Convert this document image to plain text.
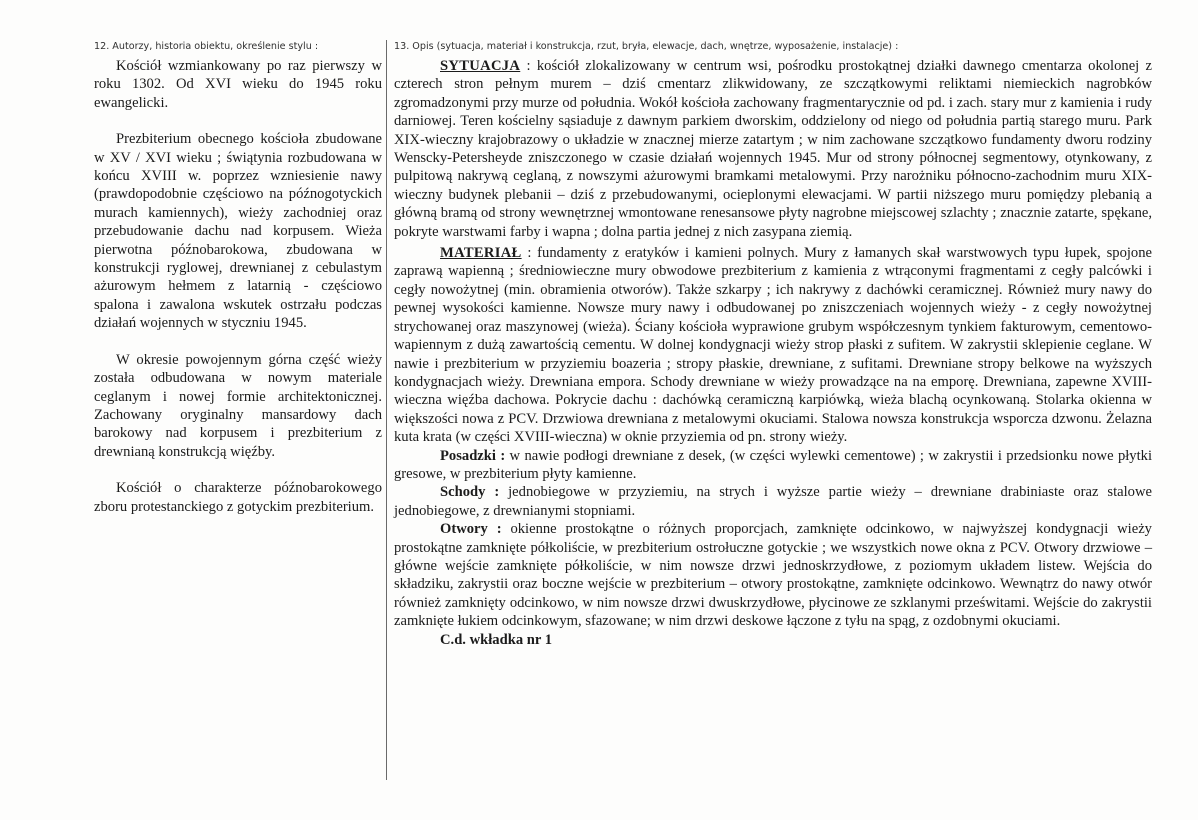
12. Autorzy, historia obiektu, określenie stylu :	13. Opis (sytuacja, materiał i konstrukcja, rzut, bryła, elewacje, dach, wnętrze, wyposażenie, instalacje) :

Kościół wzmiankowany po raz pierwszy w roku 1302. Od XVI wieku do 1945 roku ewangelicki.

Prezbiterium obecnego kościoła zbudowane w XV / XVI wieku ; świątynia rozbudowana w końcu XVIII w. poprzez wzniesienie nawy (prawdopodobnie częściowo na późnogotyckich murach kamiennych), wieży zachodniej oraz przebudowanie dachu nad korpusem. Wieża pierwotna późnobarokowa, zbudowana w konstrukcji ryglowej, drewnianej z cebulastym ażurowym hełmem z latarnią - częściowo spalona i zawalona wskutek ostrzału podczas działań wojennych w styczniu 1945.

W okresie powojennym górna część wieży została odbudowana w nowym materiale ceglanym i nowej formie architektonicznej. Zachowany oryginalny mansardowy dach barokowy nad korpusem i prezbiterium z drewnianą konstrukcją więźby.

Kościół o charakterze późnobarokowego zboru protestanckiego z gotyckim prezbiterium.

SYTUACJA : kościół zlokalizowany w centrum wsi, pośrodku prostokątnej działki dawnego cmentarza okolonej z czterech stron pełnym murem – dziś cmentarz zlikwidowany, ze szczątkowymi reliktami niemieckich nagrobków zgromadzonymi przy murze od południa. Wokół kościoła zachowany fragmentarycznie od pd. i zach. stary mur z kamienia i rudy darniowej. Teren kościelny sąsiaduje z dawnym parkiem dworskim, oddzielony od niego od południa partią starego muru. Park XIX-wieczny krajobrazowy o układzie w znacznej mierze zatartym ; w nim zachowane szczątkowo fundamenty dworu rodziny Wenscky-Petersheyde zniszczonego w czasie działań wojennych 1945. Mur od strony północnej segmentowy, otynkowany, z pulpitową nakrywą ceglaną, z nowszymi ażurowymi bramkami metalowymi. Przy narożniku północno-zachodnim muru XIX-wieczny budynek plebanii – dziś z przebudowanymi, ocieplonymi elewacjami. W partii niższego muru pomiędzy plebanią a główną bramą od strony wewnętrznej wmontowane renesansowe płyty nagrobne miejscowej szlachty ; znacznie zatarte, spękane, pokryte warstwami farby i wapna ; dolna partia jednej z nich zasypana ziemią.

MATERIAŁ : fundamenty z eratyków i kamieni polnych. Mury z łamanych skał warstwowych typu łupek, spojone zaprawą wapienną ; średniowieczne mury obwodowe prezbiterium z kamienia z wtrąconymi fragmentami z cegły palcówki i cegły nowożytnej (min. obramienia otworów). Także szkarpy ; ich nakrywy z dachówki ceramicznej. Również mury nawy do pewnej wysokości kamienne. Nowsze mury nawy i odbudowanej po zniszczeniach wojennych wieży - z cegły nowożytnej strychowanej oraz maszynowej (wieża). Ściany kościoła wyprawione grubym współczesnym tynkiem fakturowym, cementowo-wapiennym z dużą zawartością cementu. W dolnej kondygnacji wieży strop płaski z sufitem. W zakrystii sklepienie ceglane. W nawie i prezbiterium w przyziemiu boazeria ; stropy płaskie, drewniane, z sufitami. Drewniane stropy belkowe na wyższych kondygnacjach wieży. Drewniana empora. Schody drewniane w wieży prowadzące na na emporę. Drewniana, zapewne XVIII-wieczna więźba dachowa. Pokrycie dachu : dachówką ceramiczną karpiówką, wieża blachą ocynkowaną. Stolarka okienna w większości nowa z PCV. Drzwiowa drewniana z metalowymi okuciami. Stalowa nowsza konstrukcja wsporcza dzwonu. Żelazna kuta krata (w części XVIII-wieczna) w oknie przyziemia od pn. strony wieży.

Posadzki : w nawie podłogi drewniane z desek, (w części wylewki cementowe) ; w zakrystii i przedsionku nowe płytki gresowe, w prezbiterium płyty kamienne.

Schody : jednobiegowe w przyziemiu, na strych i wyższe partie wieży – drewniane drabiniaste oraz stalowe jednobiegowe, z drewnianymi stopniami.

Otwory : okienne prostokątne o różnych proporcjach, zamknięte odcinkowo, w najwyższej kondygnacji wieży prostokątne zamknięte półkoliście, w prezbiterium ostrołuczne gotyckie ; we wszystkich nowe okna z PCV. Otwory drzwiowe – główne wejście zamknięte półkoliście, w nim nowsze drzwi jednoskrzydłowe, z poziomym układem listew. Wejścia do składziku, zakrystii oraz boczne wejście w prezbiterium – otwory prostokątne, zamknięte odcinkowo. Wewnątrz do nawy otwór również zamknięty odcinkowo, w nim nowsze drzwi dwuskrzydłowe, płycinowe ze szklanymi prześwitami. Wejście do zakrystii zamknięte łukiem odcinkowym, sfazowane; w nim drzwi deskowe łączone z tyłu na spąg, z ozdobnymi okuciami.

C.d. wkładka nr 1
